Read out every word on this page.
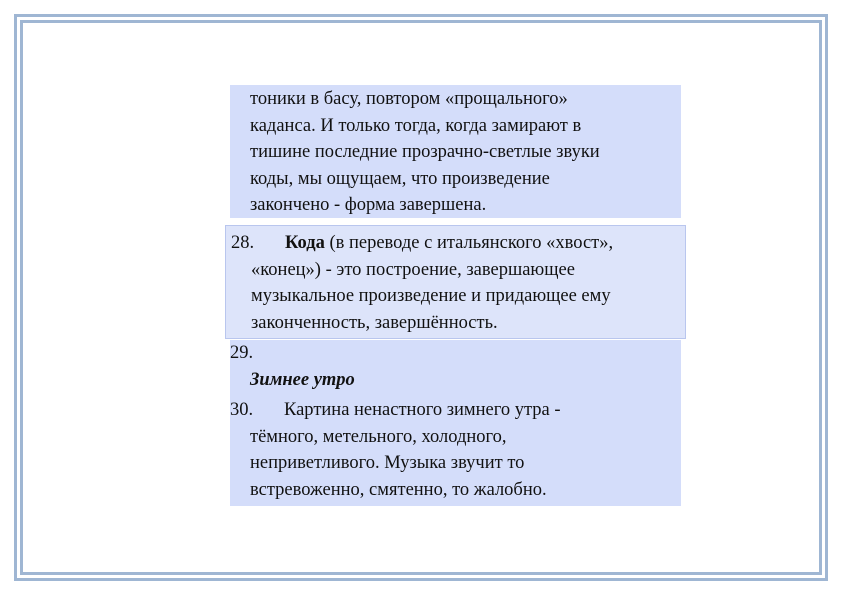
тоники в басу, повтором «прощального»
каданса. И только тогда, когда замирают в
тишине последние прозрачно-светлые звуки
коды, мы ощущаем, что произведение
закончено - форма завершена.
28. Кода (в переводе с итальянского «хвост»,
«конец») - это построение, завершающее
музыкальное произведение и придающее ему
законченность, завершённость.
29.
Зимнее утро
30. Картина ненастного зимнего утра -
тёмного, метельного, холодного,
неприветливого. Музыка звучит то
встревоженно, смятенно, то жалобно.
